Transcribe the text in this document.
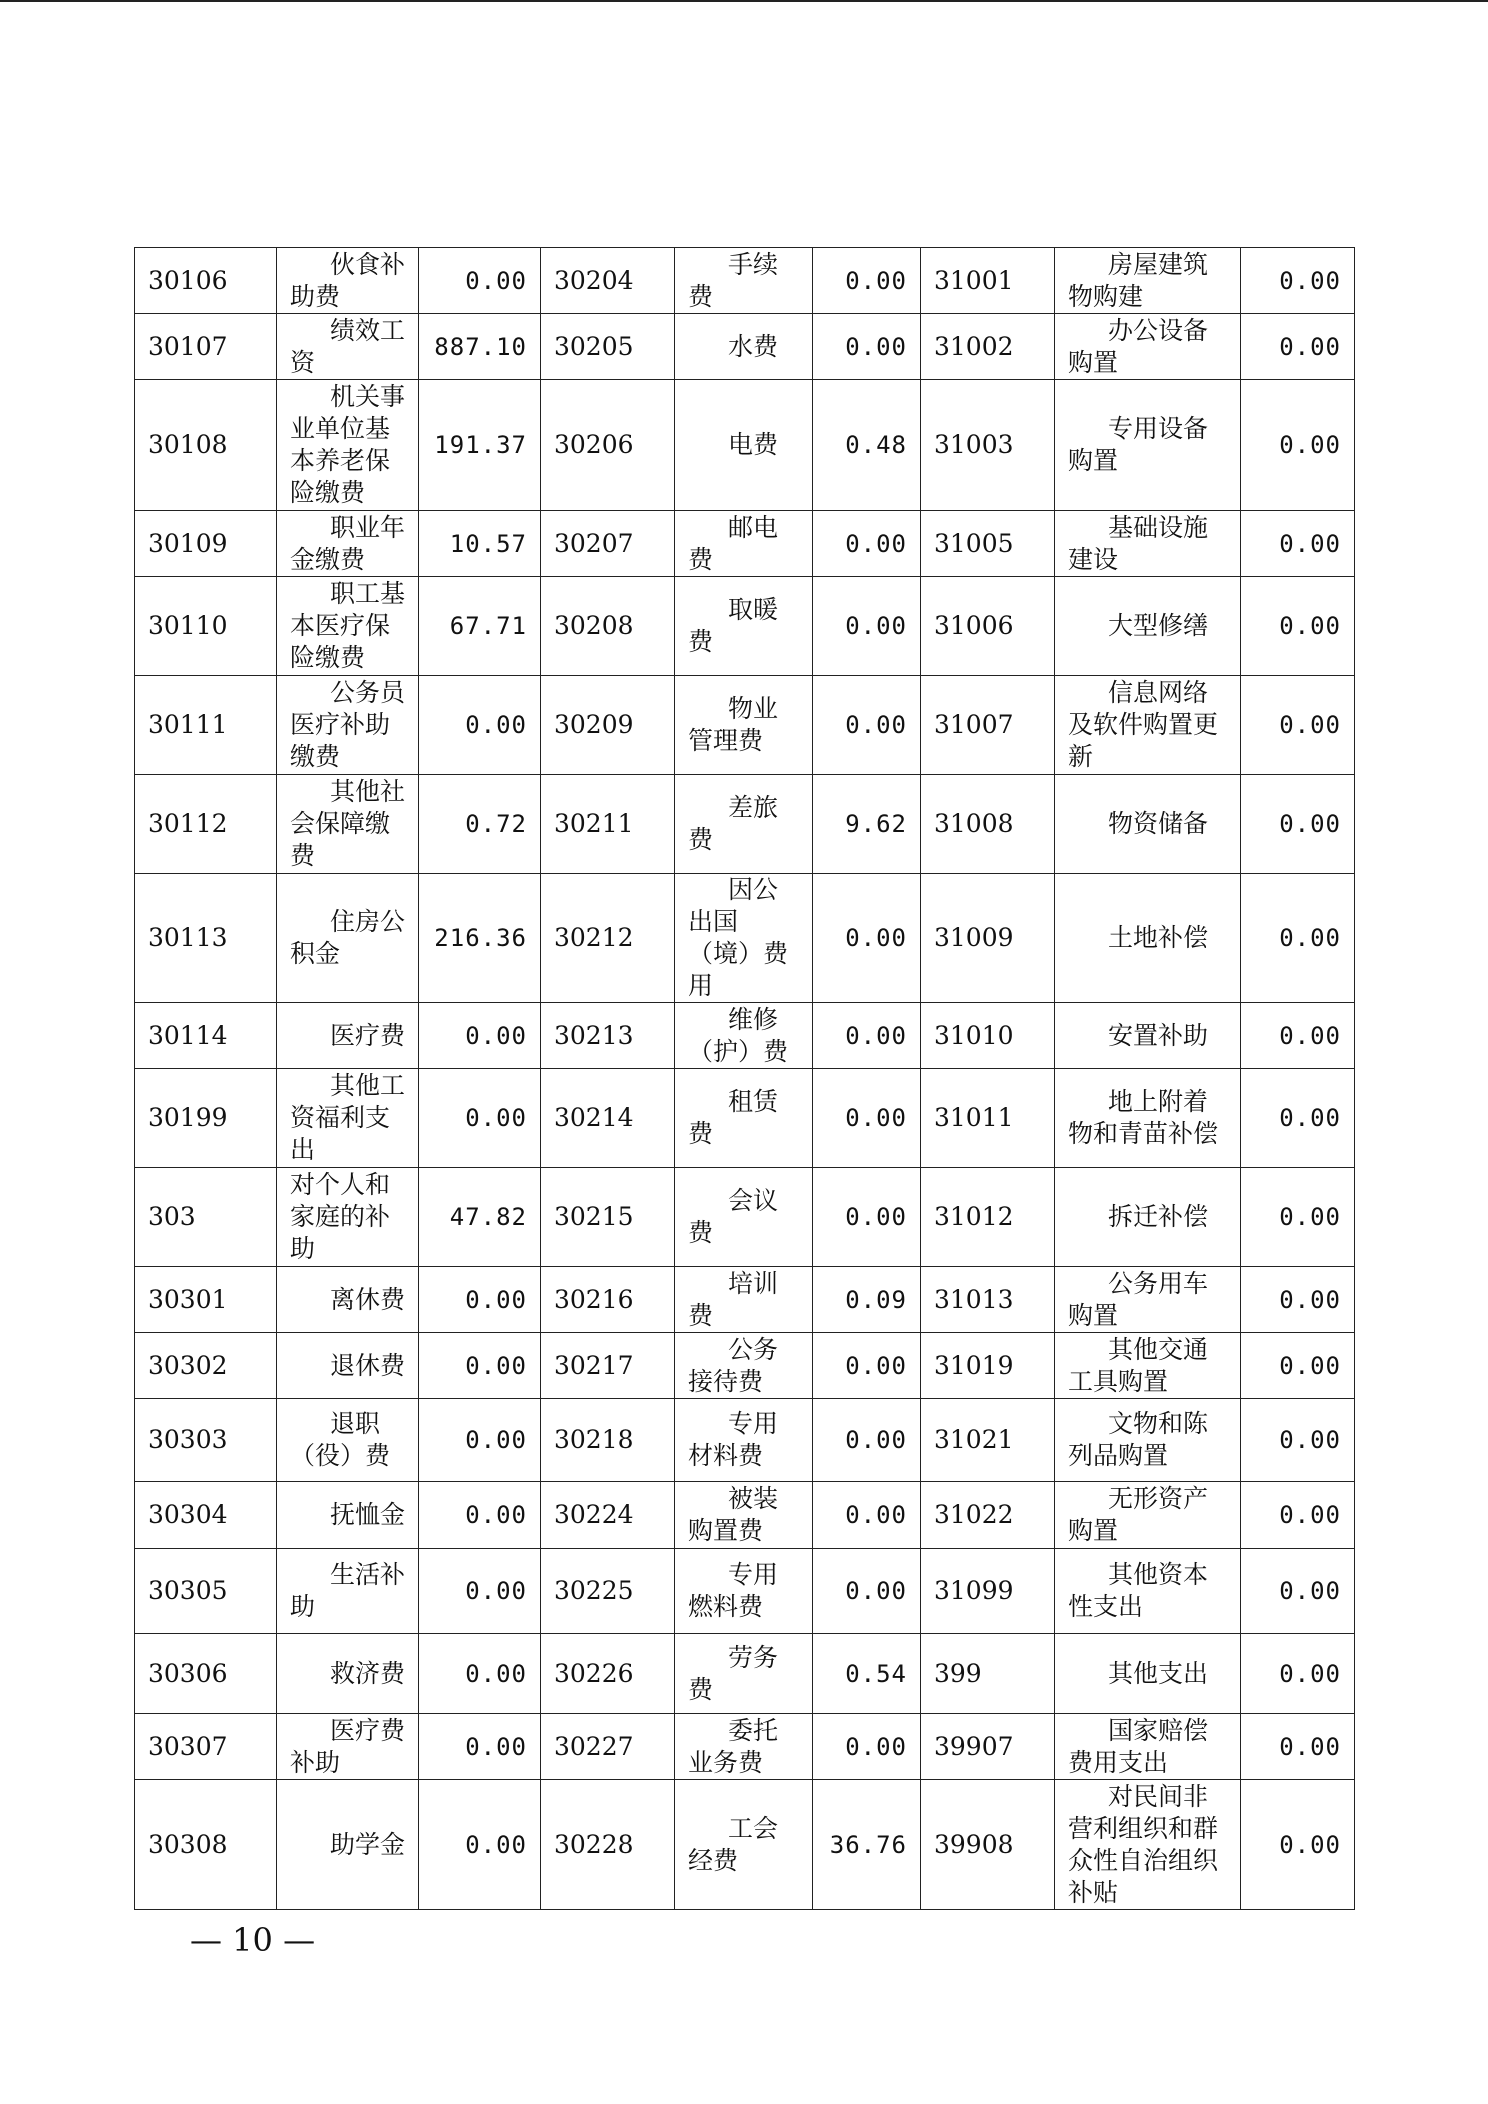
30106	伙食补助费	0.00	30204	手续费	0.00	31001	房屋建筑物购建	0.00
30107	绩效工资	887.10	30205	水费	0.00	31002	办公设备购置	0.00
30108	机关事业单位基本养老保险缴费	191.37	30206	电费	0.48	31003	专用设备购置	0.00
30109	职业年金缴费	10.57	30207	邮电费	0.00	31005	基础设施建设	0.00
30110	职工基本医疗保险缴费	67.71	30208	取暖费	0.00	31006	大型修缮	0.00
30111	公务员医疗补助缴费	0.00	30209	物业管理费	0.00	31007	信息网络及软件购置更新	0.00
30112	其他社会保障缴费	0.72	30211	差旅费	9.62	31008	物资储备	0.00
30113	住房公积金	216.36	30212	因公出国（境）费用	0.00	31009	土地补偿	0.00
30114	医疗费	0.00	30213	维修（护）费	0.00	31010	安置补助	0.00
30199	其他工资福利支出	0.00	30214	租赁费	0.00	31011	地上附着物和青苗补偿	0.00
303	对个人和家庭的补助	47.82	30215	会议费	0.00	31012	拆迁补偿	0.00
30301	离休费	0.00	30216	培训费	0.09	31013	公务用车购置	0.00
30302	退休费	0.00	30217	公务接待费	0.00	31019	其他交通工具购置	0.00
30303	退职（役）费	0.00	30218	专用材料费	0.00	31021	文物和陈列品购置	0.00
30304	抚恤金	0.00	30224	被装购置费	0.00	31022	无形资产购置	0.00
30305	生活补助	0.00	30225	专用燃料费	0.00	31099	其他资本性支出	0.00
30306	救济费	0.00	30226	劳务费	0.54	399	其他支出	0.00
30307	医疗费补助	0.00	30227	委托业务费	0.00	39907	国家赔偿费用支出	0.00
30308	助学金	0.00	30228	工会经费	36.76	39908	对民间非营利组织和群众性自治组织补贴	0.00
— 10 —
